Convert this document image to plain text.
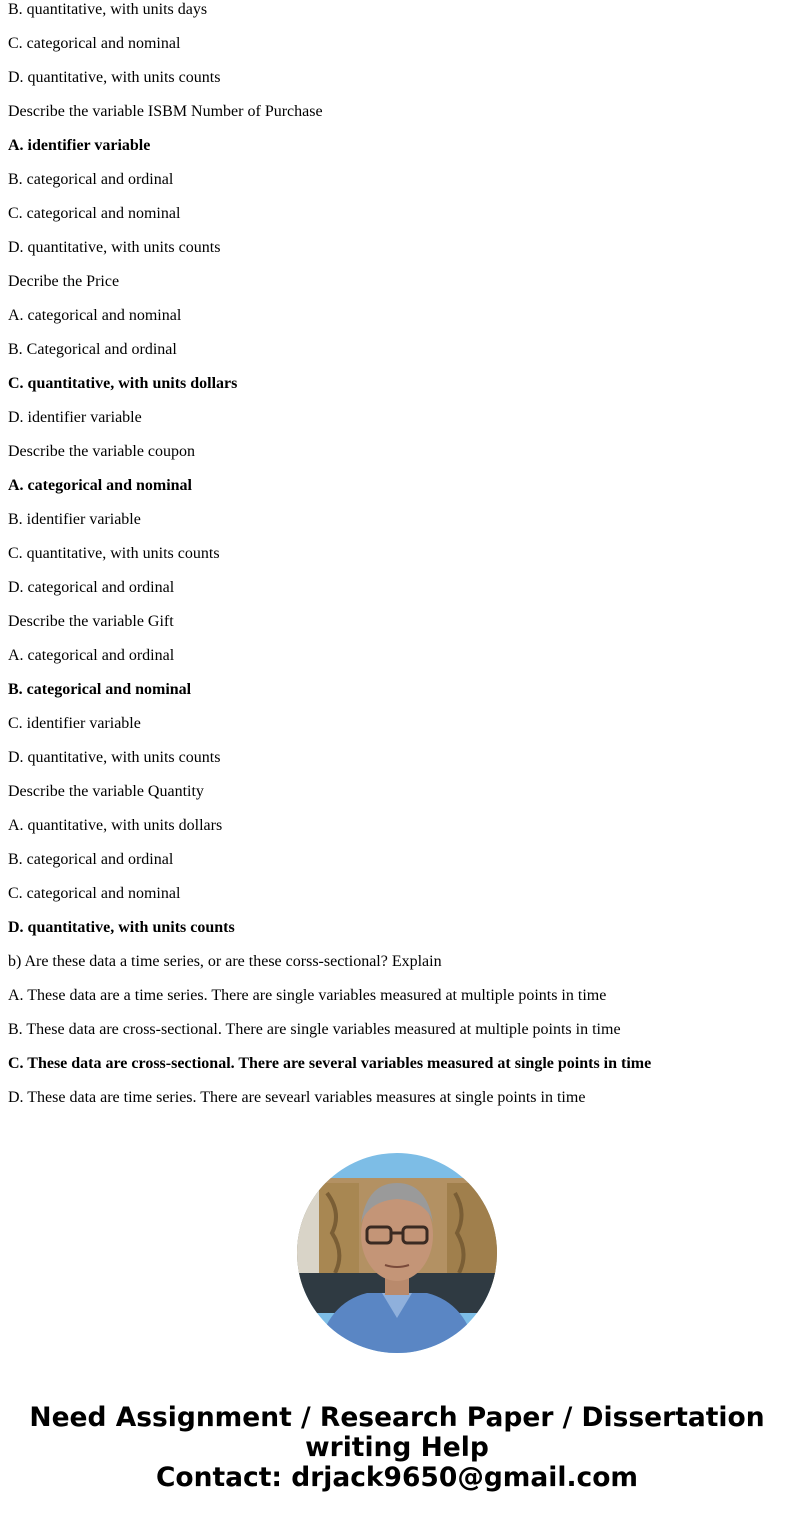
B. quantitative, with units days
C. categorical and nominal
D. quantitative, with units counts
Describe the variable ISBM Number of Purchase
A. identifier variable
B. categorical and ordinal
C. categorical and nominal
D. quantitative, with units counts
Decribe the Price
A. categorical and nominal
B. Categorical and ordinal
C. quantitative, with units dollars
D. identifier variable
Describe the variable coupon
A. categorical and nominal
B. identifier variable
C. quantitative, with units counts
D. categorical and ordinal
Describe the variable Gift
A. categorical and ordinal
B. categorical and nominal
C. identifier variable
D. quantitative, with units counts
Describe the variable Quantity
A. quantitative, with units dollars
B. categorical and ordinal
C. categorical and nominal
D. quantitative, with units counts
b) Are these data a time series, or are these corss-sectional? Explain
A. These data are a time series. There are single variables measured at multiple points in time
B. These data are cross-sectional. There are single variables measured at multiple points in time
C. These data are cross-sectional. There are several variables measured at single points in time
D. These data are time series. There are sevearl variables measures at single points in time
Need Assignment / Research Paper / Dissertation
writing Help
Contact: drjack9650@gmail.com
